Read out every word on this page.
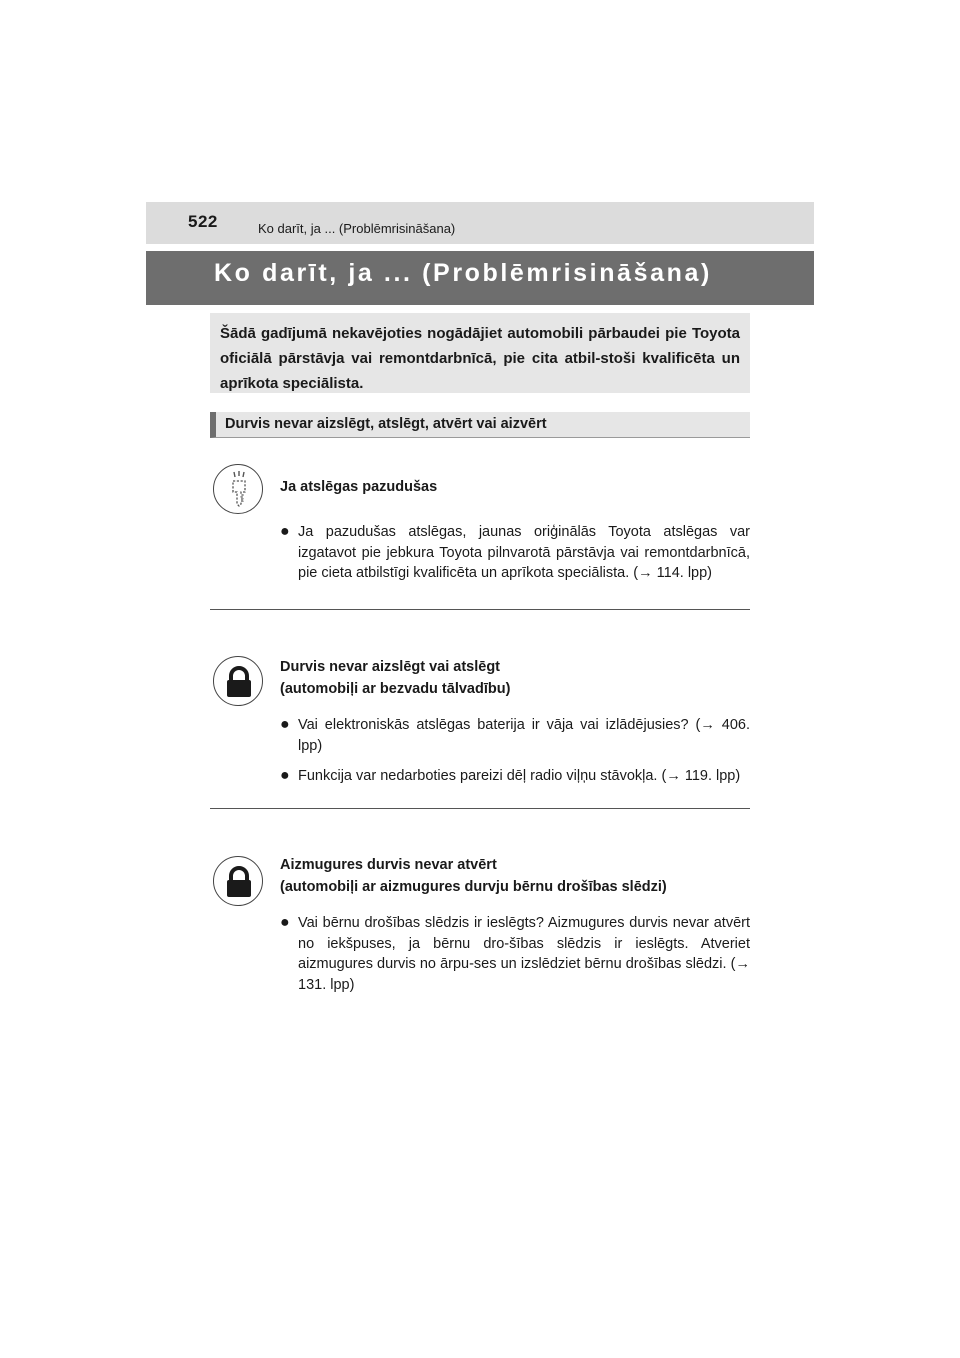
522	Ko darīt, ja ... (Problēmrisināšana)
Ko darīt, ja ... (Problēmrisināšana)

Šādā gadījumā nekavējoties nogādājiet automobili pārbaudei pie Toyota oficiālā pārstāvja vai remontdarbnīcā, pie cita atbil-stoši kvalificēta un aprīkota speciālista.

Durvis nevar aizslēgt, atslēgt, atvērt vai aizvērt
Ja atslēgas pazudušas
● Ja pazudušas atslēgas, jaunas oriģinālās Toyota atslēgas var izgatavot pie jebkura Toyota pilnvarotā pārstāvja vai remontdarbnīcā, pie cieta atbilstīgi kvalificēta un aprīkota speciālista. (→ 114. lpp)
Durvis nevar aizslēgt vai atslēgt
(automobiļi ar bezvadu tālvadību)
● Vai elektroniskās atslēgas baterija ir vāja vai izlādējusies? (→ 406. lpp)
● Funkcija var nedarboties pareizi dēļ radio viļņu stāvokļa. (→ 119. lpp)
Aizmugures durvis nevar atvērt
(automobiļi ar aizmugures durvju bērnu drošības slēdzi)
● Vai bērnu drošības slēdzis ir ieslēgts? Aizmugures durvis nevar atvērt no iekšpuses, ja bērnu dro-šības slēdzis ir ieslēgts. Atveriet aizmugures durvis no ārpu-ses un izslēdziet bērnu drošības slēdzi. (→ 131. lpp)
